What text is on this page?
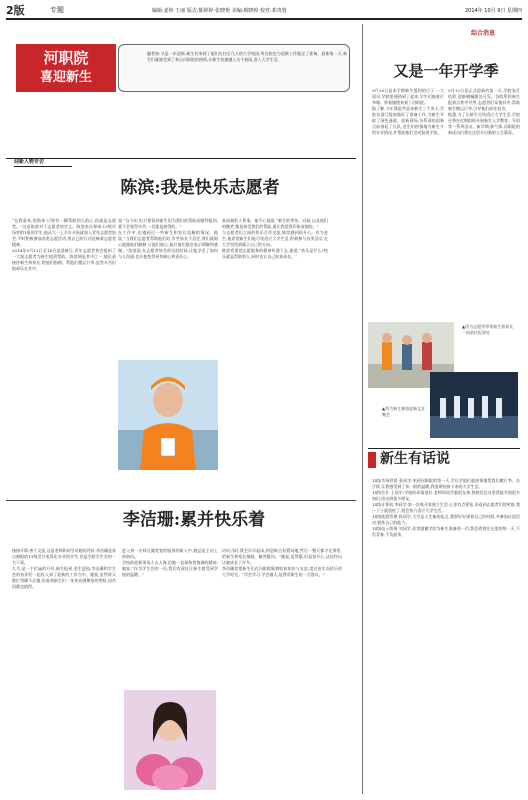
2版	专题	编辑:姜婷 王丽 版式:陈婷婷 张晓艳 美编:蔡晓婷 校对:邓贵蓉	2014年 10月 9日 星期四
河职院
喜迎新生
编者按:又是一年迎新,新生们来到了他们在往后几天的大学校园,所在院也为迎新工作做足了准备。迎新第一天,新生们就感受到了来自河职院的热情,让新生快速融入这个校园,进入大学生活。
迎新人物专访
陈滨:我是快乐志愿者
“在我看来,很简单,只要有一颗帮助别人的心,你就是志愿者。”这是陈滨对于志愿者的定义。陈滨来自郑州,13级市场营销1班的学生,他从大一上半年开始就加入青年志愿者协会,平时积极参加各类志愿活动,用自己的行动诠释着志愿者精神。
2014年9月12日至14日是迎新日,青年志愿者协会组织了一大批志愿者为新生提供帮助。陈滨便是其中之一,他负责接待新生和家长,给他们指路、帮他们搬运行李,虽然辛苦但他却乐在其中。
说:“自今年,但只要看到新生因为我们的帮助而顺利报到,就不会觉得辛苦,一切都是值得的。”
在工作中,也遇到过一些新生和家长误解的情况。他说,“当我们志愿者帮助他们时,有些家长不信任,我们就耐心地跟他们解释,让他们放心,最后他们都会表示理解和感谢。”陈滨说,在志愿者协会的这段时间,让他学会了如何与人沟通,也让他变得更有耐心和责任心。
象深刻的人和事。他平心地说,“新生的等待、问候,以及他们的微笑,都是接受我们的帮助,最让我觉得印象深刻的。”
与志愿者们之间的快乐合作交流,陈滨感到很开心。作为老生,他希望新生们能尽快适应大学生活,积极参与各类活动,在大学里找到属于自己的方向。
陈滨希望把志愿服务的精神传递下去,他说:“快乐是什么?快乐就是帮助别人,同时也让自己收获成长。”
李洁珊:累并快乐着
扬扬开朗,善于交流,这是老师和同学对她的评价,李洁珊是来自揭阳的13级会计电算化专业的学生,也是学院学生会的一名干事。
九月,是一个忙碌的月份,新生报到,老生返校,李洁珊和学生会的伙伴们一起投入到了迎新的工作当中。她说,虽然每天都忙得脚不沾地,但看到新生们一张张充满期待的笑脸,再苦再累也值得。
进入到一名师兄做宽宽的服务的新人中,她总是主动上前询问。
学校的迎新现场人山人海,但她一直保持着饱满的精神,她说:“作为学生会的一员,我们有责任让新生感受到学校的温暖。”
访问当时,我会早早起床,到迎新点布置场地,然后一整天都守在那里,给新生和家长指路、解答疑问。”她说,虽然累,但是很开心,这段经历让她成长了许多。
李洁珊希望新生们在河职院能够收获知识与友谊,度过充实而快乐的大学时光。“学会学习,学会做人,是我对新生的一点建议。”
综合消息
又是一年开学季
9月26日是本学期新生报到的日子,一大清早,学院里便热闹了起来,学生们拖着行李箱、带着憧憬来到了河职院。
据了解,今年我院共迎来新生三千余人,学院各部门提前做好了准备工作,为新生开辟了绿色通道。迎新现场,各系部的迎新点前排起了长队,老生们热情地为新生介绍专业情况,并帮助他们完成报到手续。
9月12日是正式迎新的第一天,学院张灯结彩,迎新横幅随处可见。各院系的新生报到点秩序井然,志愿者们穿梭其中,帮助新生搬运行李,引导他们前往宿舍。
据悉,为了让新生尽快适应大学生活,学院还将在近期组织开展新生入学教育、军训等一系列活动。新学期,新气象,河职院的新成员们将在这里开启新的人生篇章。
▲图为志愿者带领新生和家长一同前往报到处
▲图为新生参加迎新文艺晚会
新生有话说
14级市场营销 张同学:来到河职院的第一天,学长学姐们就热情地帮我们搬行李、办手续,让我感受到了家一般的温暖,我很期待接下来的大学生活。
14级会计 王同学:学校的环境很好,老师和同学都很友善,我相信在这里我能学到很多知识,结交到很多朋友。
14级计算机 李同学:第一次离开家独立生活,心里有点紧张,但看到志愿者们的笑脸,我一下子就放松了,我会努力适应大学生活。
14级旅游管理 陈同学:大学是人生新的起点,我要好好规划自己的时间,多参加社团活动,锻炼自己的能力。
14级电子商务 刘同学:非常感谢学院为新生准备的一切,我会珍惜在这里的每一天,不负青春,不负韶华。
